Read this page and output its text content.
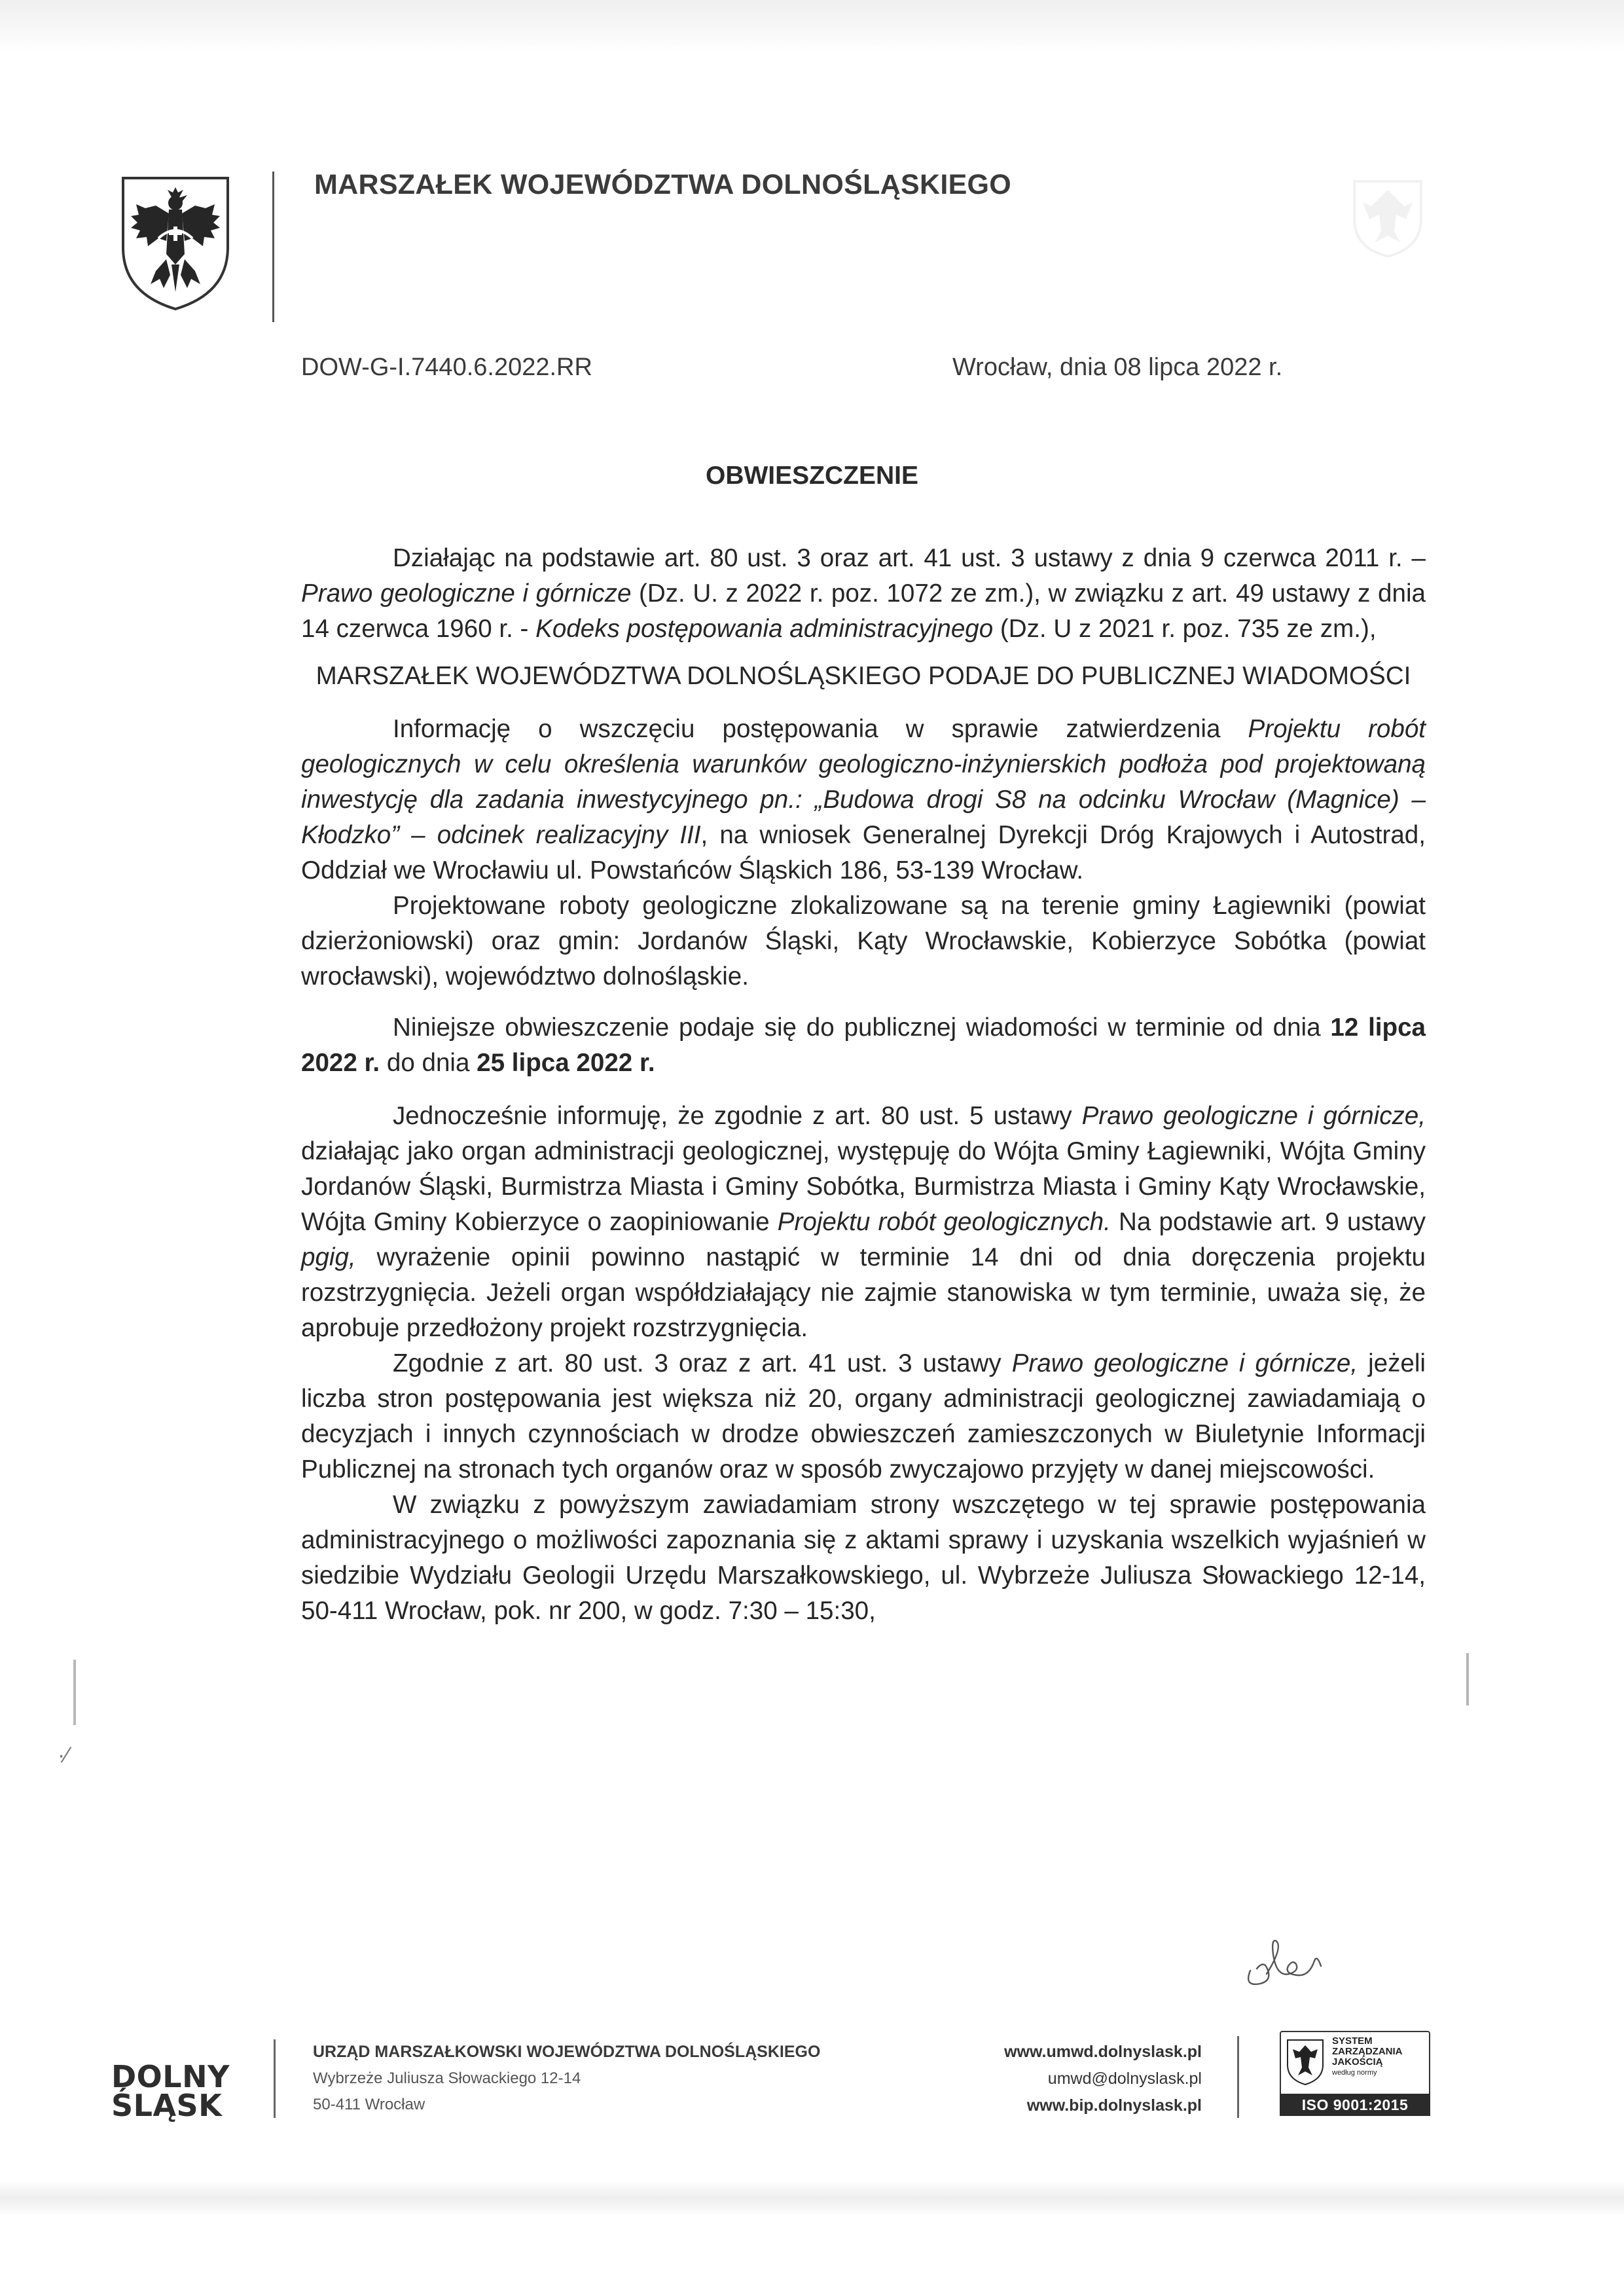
MARSZAŁEK WOJEWÓDZTWA DOLNOŚLĄSKIEGO
DOW-G-I.7440.6.2022.RR	Wrocław, dnia 08 lipca 2022 r.
OBWIESZCZENIE

Działając na podstawie art. 80 ust. 3 oraz art. 41 ust. 3 ustawy z dnia 9 czerwca 2011 r. – Prawo geologiczne i górnicze (Dz. U. z 2022 r. poz. 1072 ze zm.), w związku z art. 49 ustawy z dnia 14 czerwca 1960 r. - Kodeks postępowania administracyjnego (Dz. U z 2021 r. poz. 735 ze zm.),

MARSZAŁEK WOJEWÓDZTWA DOLNOŚLĄSKIEGO PODAJE DO PUBLICZNEJ WIADOMOŚCI

Informację o wszczęciu postępowania w sprawie zatwierdzenia Projektu robót geologicznych w celu określenia warunków geologiczno-inżynierskich podłoża pod projektowaną inwestycję dla zadania inwestycyjnego pn.: „Budowa drogi S8 na odcinku Wrocław (Magnice) – Kłodzko” – odcinek realizacyjny III, na wniosek Generalnej Dyrekcji Dróg Krajowych i Autostrad, Oddział we Wrocławiu ul. Powstańców Śląskich 186, 53-139 Wrocław.

Projektowane roboty geologiczne zlokalizowane są na terenie gminy Łagiewniki (powiat dzierżoniowski) oraz gmin: Jordanów Śląski, Kąty Wrocławskie, Kobierzyce Sobótka (powiat wrocławski), województwo dolnośląskie.

Niniejsze obwieszczenie podaje się do publicznej wiadomości w terminie od dnia 12 lipca 2022 r. do dnia 25 lipca 2022 r.

Jednocześnie informuję, że zgodnie z art. 80 ust. 5 ustawy Prawo geologiczne i górnicze, działając jako organ administracji geologicznej, występuję do Wójta Gminy Łagiewniki, Wójta Gminy Jordanów Śląski, Burmistrza Miasta i Gminy Sobótka, Burmistrza Miasta i Gminy Kąty Wrocławskie, Wójta Gminy Kobierzyce o zaopiniowanie Projektu robót geologicznych. Na podstawie art. 9 ustawy pgig, wyrażenie opinii powinno nastąpić w terminie 14 dni od dnia doręczenia projektu rozstrzygnięcia. Jeżeli organ współdziałający nie zajmie stanowiska w tym terminie, uważa się, że aprobuje przedłożony projekt rozstrzygnięcia.

Zgodnie z art. 80 ust. 3 oraz z art. 41 ust. 3 ustawy Prawo geologiczne i górnicze, jeżeli liczba stron postępowania jest większa niż 20, organy administracji geologicznej zawiadamiają o decyzjach i innych czynnościach w drodze obwieszczeń zamieszczonych w Biuletynie Informacji Publicznej na stronach tych organów oraz w sposób zwyczajowo przyjęty w danej miejscowości.

W związku z powyższym zawiadamiam strony wszczętego w tej sprawie postępowania administracyjnego o możliwości zapoznania się z aktami sprawy i uzyskania wszelkich wyjaśnień w siedzibie Wydziału Geologii Urzędu Marszałkowskiego, ul. Wybrzeże Juliusza Słowackiego 12-14, 50-411 Wrocław, pok. nr 200, w godz. 7:30 – 15:30,

·⁄
DOLNY
ŚLĄSK
URZĄD MARSZAŁKOWSKI WOJEWÓDZTWA DOLNOŚLĄSKIEGO
Wybrzeże Juliusza Słowackiego 12-14
50-411 Wrocław
www.umwd.dolnyslask.pl
umwd@dolnyslask.pl
www.bip.dolnyslask.pl
SYSTEM
ZARZĄDZANIA
JAKOŚCIĄ
według normy
ISO 9001:2015
